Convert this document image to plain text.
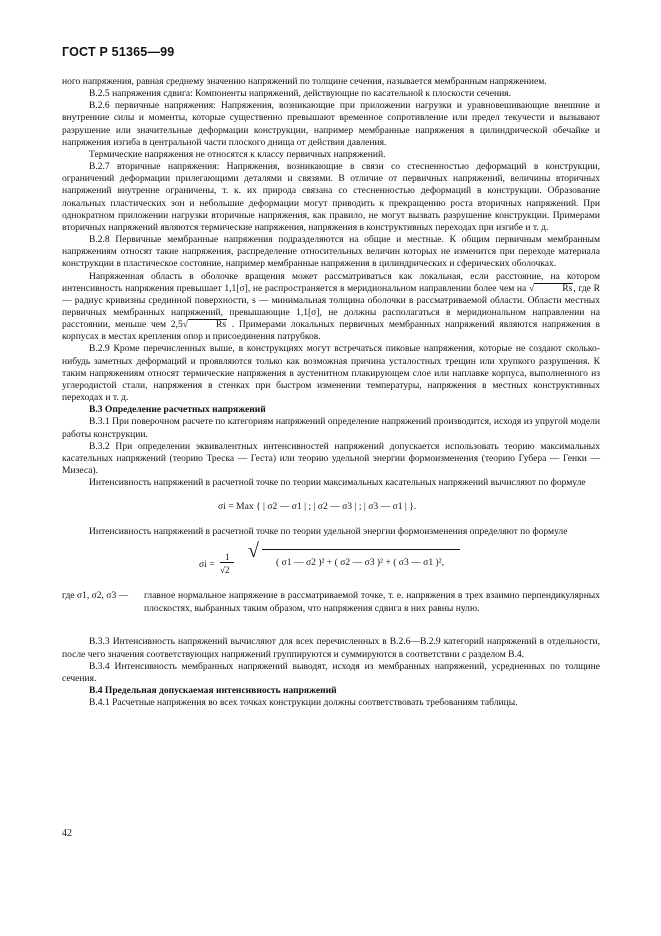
ГОСТ Р 51365—99

ного напряжения, равная среднему значению напряжений по толщине сечения, называется мембранным напряжением.

В.2.5 напряжения сдвига: Компоненты напряжений, действующие по касательной к плоскости сечения.

В.2.6 первичные напряжения: Напряжения, возникающие при приложении нагрузки и уравновешивающие внешние и внутренние силы и моменты, которые существенно превышают временное сопротивление или предел текучести и вызывают разрушение или значительные деформации конструкции, например мембранные напряжения в цилиндрической обечайке и напряжения изгиба в центральной части плоского днища от действия давления.

Термические напряжения не относятся к классу первичных напряжений.

В.2.7 вторичные напряжения: Напряжения, возникающие в связи со стесненностью деформаций в конструкции, ограничений деформации прилегающими деталями и связями. В отличие от первичных напряжений, величины вторичных напряжений внутренне ограничены, т. к. их природа связана со стесненностью деформаций в конструкции. Образование локальных пластических зон и небольшие деформации могут приводить к прекращению роста вторичных напряжений. При однократном приложении нагрузки вторичные напряжения, как правило, не могут вызвать разрушение конструкции. Примерами вторичных напряжений являются термические напряжения, напряжения в конструктивных переходах при изгибе и т. д.

В.2.8 Первичные мембранные напряжения подразделяются на общие и местные. К общим первичным мембранным напряжениям относят такие напряжения, распределение относительных величин которых не изменится при переходе материала конструкции в пластическое состояние, например мембранные напряжения в цилиндрических и сферических оболочках.

Напряженная область в оболочке вращения может рассматриваться как локальная, если расстояние, на котором интенсивность напряжения превышает 1,1[σ], не распространяется в меридиональном направлении более чем на √	Rs, где R — радиус кривизны срединной поверхности, s — минимальная толщина оболочки в рассматриваемой области. Области местных первичных мембранных напряжений, превышающие 1,1[σ], не должны располагаться в меридиональном направлении на расстоянии, меньше чем 2,5√	Rs . Примерами локальных первичных мембранных напряжений являются напряжения в корпусах в местах крепления опор и присоединения патрубков.

В.2.9 Кроме перечисленных выше, в конструкциях могут встречаться пиковые напряжения, которые не создают сколько-нибудь заметных деформаций и проявляются только как возможная причина усталостных трещин или хрупкого разрушения. К таким напряжениям относят термические напряжения в аустенитном плакирующем слое или наплавке корпуса, выполненного из углеродистой стали, напряжения в стенках при быстром изменении температуры, напряжения в местных конструктивных переходах и т. д.

В.3 Определение расчетных напряжений

В.3.1 При поверочном расчете по категориям напряжений определение напряжений производится, исходя из упругой модели работы конструкции.

В.3.2 При определении эквивалентных интенсивностей напряжений допускается использовать теорию максимальных касательных напряжений (теорию Треска — Геста) или теорию удельной энергии формоизменения (теорию Губера — Генки — Мизеса).

Интенсивность напряжений в расчетной точке по теории максимальных касательных напряжений вычисляют по формуле

σi = Max { | σ2 — σ1 | ; | σ2 — σ3 | ; | σ3 — σ1 | }.

Интенсивность напряжений в расчетной точке по теории удельной энергии формоизменения определяют по формуле

σi =
1
√2
√
( σ1 — σ2 )² + ( σ2 — σ3 )² + ( σ3 — σ1 )²,
где σ1, σ2, σ3 — главное нормальное напряжение в рассматриваемой точке, т. е. напряжения в трех взаимно перпендикулярных плоскостях, выбранных таким образом, что напряжения сдвига в них равны нулю.

В.3.3 Интенсивность напряжений вычисляют для всех перечисленных в В.2.6—В.2.9 категорий напряжений в отдельности, после чего значения соответствующих напряжений группируются и суммируются в соответствии с разделом В.4.

В.3.4 Интенсивность мембранных напряжений выводят, исходя из мембранных напряжений, усредненных по толщине сечения.

В.4 Предельная допускаемая интенсивность напряжений

В.4.1 Расчетные напряжения во всех точках конструкции должны соответствовать требованиям таблицы.

42
